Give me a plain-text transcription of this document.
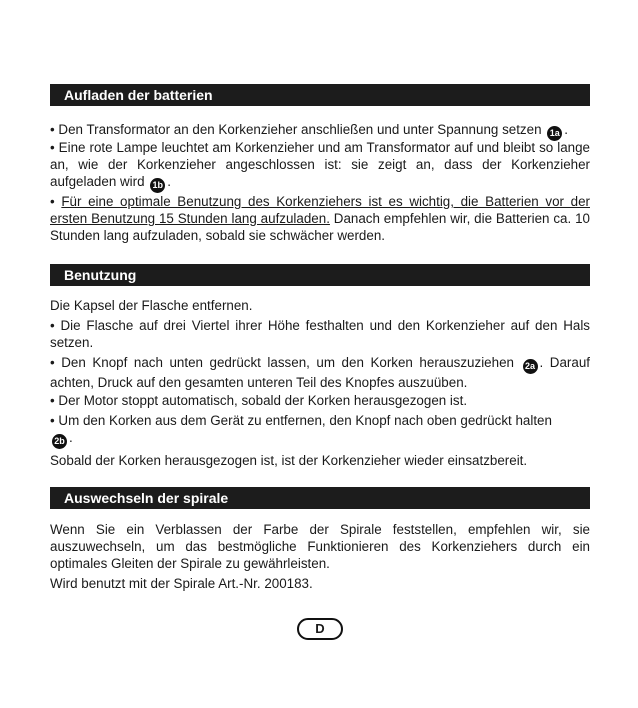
Aufladen der batterien

• Den Transformator an den Korkenzieher anschließen und unter Spannung setzen 1a .

• Eine rote Lampe leuchtet am Korkenzieher und am Transformator auf und bleibt so lange an, wie der Korkenzieher angeschlossen ist: sie zeigt an, dass der Korkenzieher aufgeladen wird 1b .

• Für eine optimale Benutzung des Korkenziehers ist es wichtig, die Batterien vor der ersten Benutzung 15 Stunden lang aufzuladen. Danach empfehlen wir, die Batterien ca. 10 Stunden lang aufzuladen, sobald sie schwächer werden.

Benutzung

Die Kapsel der Flasche entfernen.

• Die Flasche auf drei Viertel ihrer Höhe festhalten und den Korkenzieher auf den Hals setzen.

• Den Knopf nach unten gedrückt lassen, um den Korken herauszuziehen 2a . Darauf achten, Druck auf den gesamten unteren Teil des Knopfes auszuüben.

• Der Motor stoppt automatisch, sobald der Korken herausgezogen ist.

• Um den Korken aus dem Gerät zu entfernen, den Knopf nach oben gedrückt halten
2b .

Sobald der Korken herausgezogen ist, ist der Korkenzieher wieder einsatzbereit.

Auswechseln der spirale

Wenn Sie ein Verblassen der Farbe der Spirale feststellen, empfehlen wir, sie auszuwechseln, um das bestmögliche Funktionieren des Korkenziehers durch ein optimales Gleiten der Spirale zu gewährleisten.

Wird benutzt mit der Spirale Art.-Nr. 200183.

D
